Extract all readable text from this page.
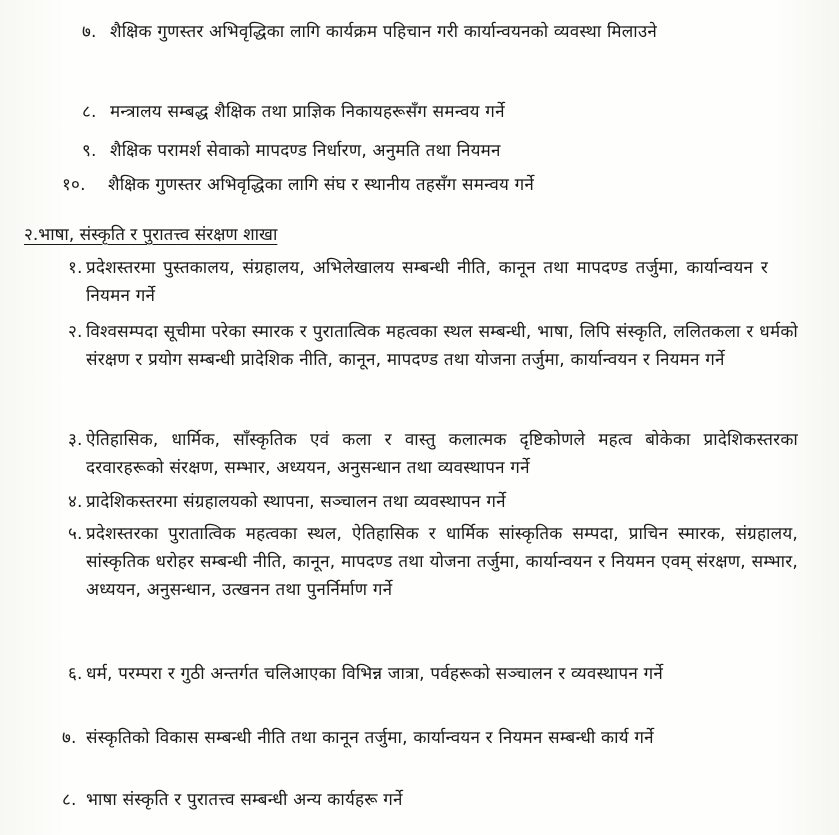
७. शैक्षिक गुणस्तर अभिवृद्धिका लागि कार्यक्रम पहिचान गरी कार्यान्वयनको व्यवस्था मिलाउने
८. मन्त्रालय सम्बद्ध शैक्षिक तथा प्राज्ञिक निकायहरूसँग समन्वय गर्ने
९. शैक्षिक परामर्श सेवाको मापदण्ड निर्धारण, अनुमति तथा नियमन
१०.	शैक्षिक गुणस्तर अभिवृद्धिका लागि संघ र स्थानीय तहसँग समन्वय गर्ने
२.भाषा, संस्कृति र पुरातत्त्व संरक्षण शाखा
१. प्रदेशस्तरमा पुस्तकालय, संग्रहालय, अभिलेखालय सम्बन्धी नीति, कानून तथा मापदण्ड तर्जुमा, कार्यान्वयन र नियमन गर्ने
२. विश्वसम्पदा सूचीमा परेका स्मारक र पुरातात्विक महत्वका स्थल सम्बन्धी, भाषा, लिपि संस्कृति, ललितकला र धर्मको संरक्षण र प्रयोग सम्बन्धी प्रादेशिक नीति, कानून, मापदण्ड तथा योजना तर्जुमा, कार्यान्वयन र नियमन गर्ने
३. ऐतिहासिक, धार्मिक, साँस्कृतिक एवं कला र वास्तु कलात्मक दृष्टिकोणले महत्व बोकेका प्रादेशिकस्तरका दरवारहरूको संरक्षण, सम्भार, अध्ययन, अनुसन्धान तथा व्यवस्थापन गर्ने
४. प्रादेशिकस्तरमा संग्रहालयको स्थापना, सञ्चालन तथा व्यवस्थापन गर्ने
५. प्रदेशस्तरका पुरातात्विक महत्वका स्थल, ऐतिहासिक र धार्मिक सांस्कृतिक सम्पदा, प्राचिन स्मारक, संग्रहालय, सांस्कृतिक धरोहर सम्बन्धी नीति, कानून, मापदण्ड तथा योजना तर्जुमा, कार्यान्वयन र नियमन एवम् संरक्षण, सम्भार, अध्ययन, अनुसन्धान, उत्खनन तथा पुनर्निर्माण गर्ने
६. धर्म, परम्परा र गुठी अन्तर्गत चलिआएका विभिन्न जात्रा, पर्वहरूको सञ्चालन र व्यवस्थापन गर्ने
७. संस्कृतिको विकास सम्बन्धी नीति तथा कानून तर्जुमा, कार्यान्वयन र नियमन सम्बन्धी कार्य गर्ने
८. भाषा संस्कृति र पुरातत्त्व सम्बन्धी अन्य कार्यहरू गर्ने
